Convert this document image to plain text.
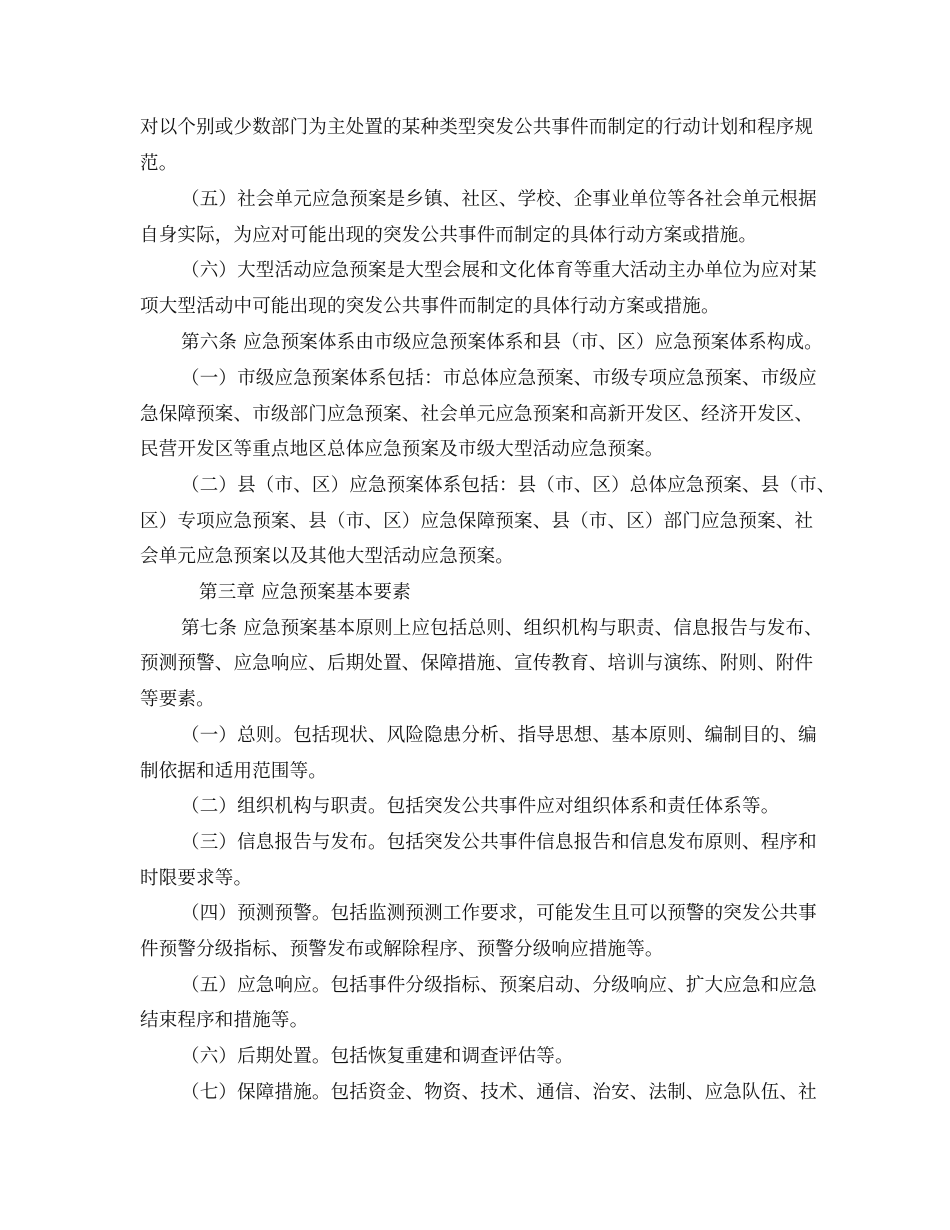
对以个别或少数部门为主处置的某种类型突发公共事件而制定的行动计划和程序规
范。
（五）社会单元应急预案是乡镇、社区、学校、企事业单位等各社会单元根据
自身实际，为应对可能出现的突发公共事件而制定的具体行动方案或措施。
（六）大型活动应急预案是大型会展和文化体育等重大活动主办单位为应对某
项大型活动中可能出现的突发公共事件而制定的具体行动方案或措施。
第六条 应急预案体系由市级应急预案体系和县（市、区）应急预案体系构成。
（一）市级应急预案体系包括：市总体应急预案、市级专项应急预案、市级应
急保障预案、市级部门应急预案、社会单元应急预案和高新开发区、经济开发区、
民营开发区等重点地区总体应急预案及市级大型活动应急预案。
（二）县（市、区）应急预案体系包括：县（市、区）总体应急预案、县（市、
区）专项应急预案、县（市、区）应急保障预案、县（市、区）部门应急预案、社
会单元应急预案以及其他大型活动应急预案。
第三章 应急预案基本要素
第七条 应急预案基本原则上应包括总则、组织机构与职责、信息报告与发布、
预测预警、应急响应、后期处置、保障措施、宣传教育、培训与演练、附则、附件
等要素。
（一）总则。包括现状、风险隐患分析、指导思想、基本原则、编制目的、编
制依据和适用范围等。
（二）组织机构与职责。包括突发公共事件应对组织体系和责任体系等。
（三）信息报告与发布。包括突发公共事件信息报告和信息发布原则、程序和
时限要求等。
（四）预测预警。包括监测预测工作要求，可能发生且可以预警的突发公共事
件预警分级指标、预警发布或解除程序、预警分级响应措施等。
（五）应急响应。包括事件分级指标、预案启动、分级响应、扩大应急和应急
结束程序和措施等。
（六）后期处置。包括恢复重建和调查评估等。
（七）保障措施。包括资金、物资、技术、通信、治安、法制、应急队伍、社
